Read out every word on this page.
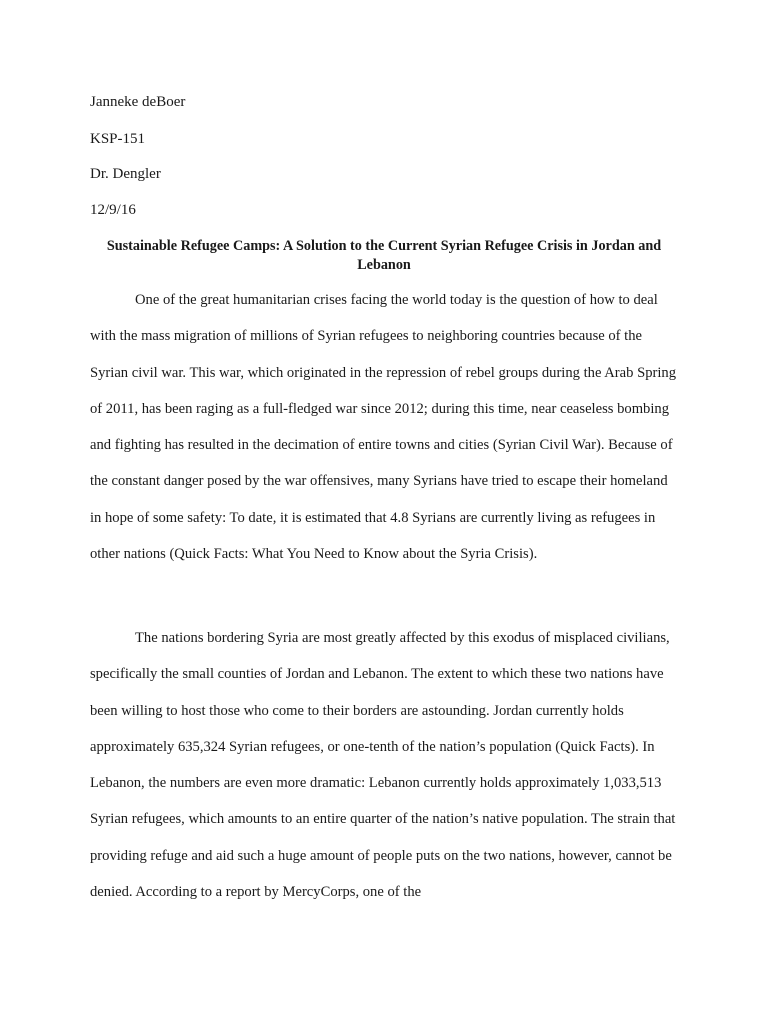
Janneke deBoer

KSP-151

Dr. Dengler

12/9/16

Sustainable Refugee Camps: A Solution to the Current Syrian Refugee Crisis in Jordan and Lebanon

One of the great humanitarian crises facing the world today is the question of how to deal with the mass migration of millions of Syrian refugees to neighboring countries because of the Syrian civil war. This war, which originated in the repression of rebel groups during the Arab Spring of 2011, has been raging as a full-fledged war since 2012; during this time, near ceaseless bombing and fighting has resulted in the decimation of entire towns and cities (Syrian Civil War). Because of the constant danger posed by the war offensives, many Syrians have tried to escape their homeland in hope of some safety: To date, it is estimated that 4.8 Syrians are currently living as refugees in other nations (Quick Facts: What You Need to Know about the Syria Crisis).

The nations bordering Syria are most greatly affected by this exodus of misplaced civilians, specifically the small counties of Jordan and Lebanon. The extent to which these two nations have been willing to host those who come to their borders are astounding. Jordan currently holds approximately 635,324 Syrian refugees, or one-tenth of the nation’s population (Quick Facts). In Lebanon, the numbers are even more dramatic: Lebanon currently holds approximately 1,033,513 Syrian refugees, which amounts to an entire quarter of the nation’s native population. The strain that providing refuge and aid such a huge amount of people puts on the two nations, however, cannot be denied. According to a report by MercyCorps, one of the
